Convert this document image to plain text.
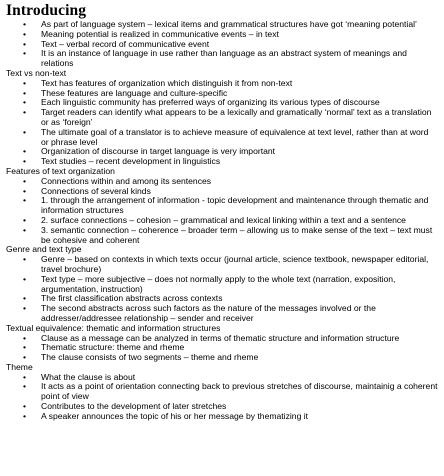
Introducing
• As part of language system – lexical items and grammatical structures have got ‘meaning potential’
• Meaning potential is realized in communicative events – in text
• Text – verbal record of communicative event
• It is an instance of language in use rather than language as an abstract system of meanings and relations
Text vs non-text
• Text has features of organization which distinguish it from non-text
• These features are language and culture-specific
• Each linguistic community has preferred ways of organizing its various types of discourse
• Target readers can identify what appears to be a lexically and gramatically ‘normal’ text as a translation or as ‘foreign’
• The ultimate goal of a translator is to achieve measure of equivalence at text level, rather than at word or phrase level
• Organization of discourse in target language is very important
• Text studies – recent development in linguistics
Features of text organization
• Connections within and among its sentences
• Connections of several kinds
• 1. through the arrangement of information - topic development and maintenance through thematic and information structures
• 2. surface connections – cohesion – grammatical and lexical linking within a text and a sentence
• 3. semantic connection – coherence – broader term – allowing us to make sense of the text – text must be cohesive and coherent
Genre and text type
• Genre – based on contexts in which texts occur (journal article, science textbook, newspaper editorial, travel brochure)
• Text type – more subjective – does not normally apply to the whole text (narration, exposition, argumentation, instruction)
• The first classification abstracts across contexts
• The second abstracts across such factors as the nature of the messages involved or the addresser/addressee relationship – sender and receiver
Textual equivalence: thematic and information structures
• Clause as a message can be analyzed in terms of thematic structure and information structure
• Thematic structure: theme and rheme
• The clause consists of two segments – theme and rheme
Theme
• What the clause is about
• It acts as a point of orientation connecting back to previous stretches of discourse, maintainig a coherent point of view
• Contributes to the development of later stretches
• A speaker announces the topic of his or her message by thematizing it
